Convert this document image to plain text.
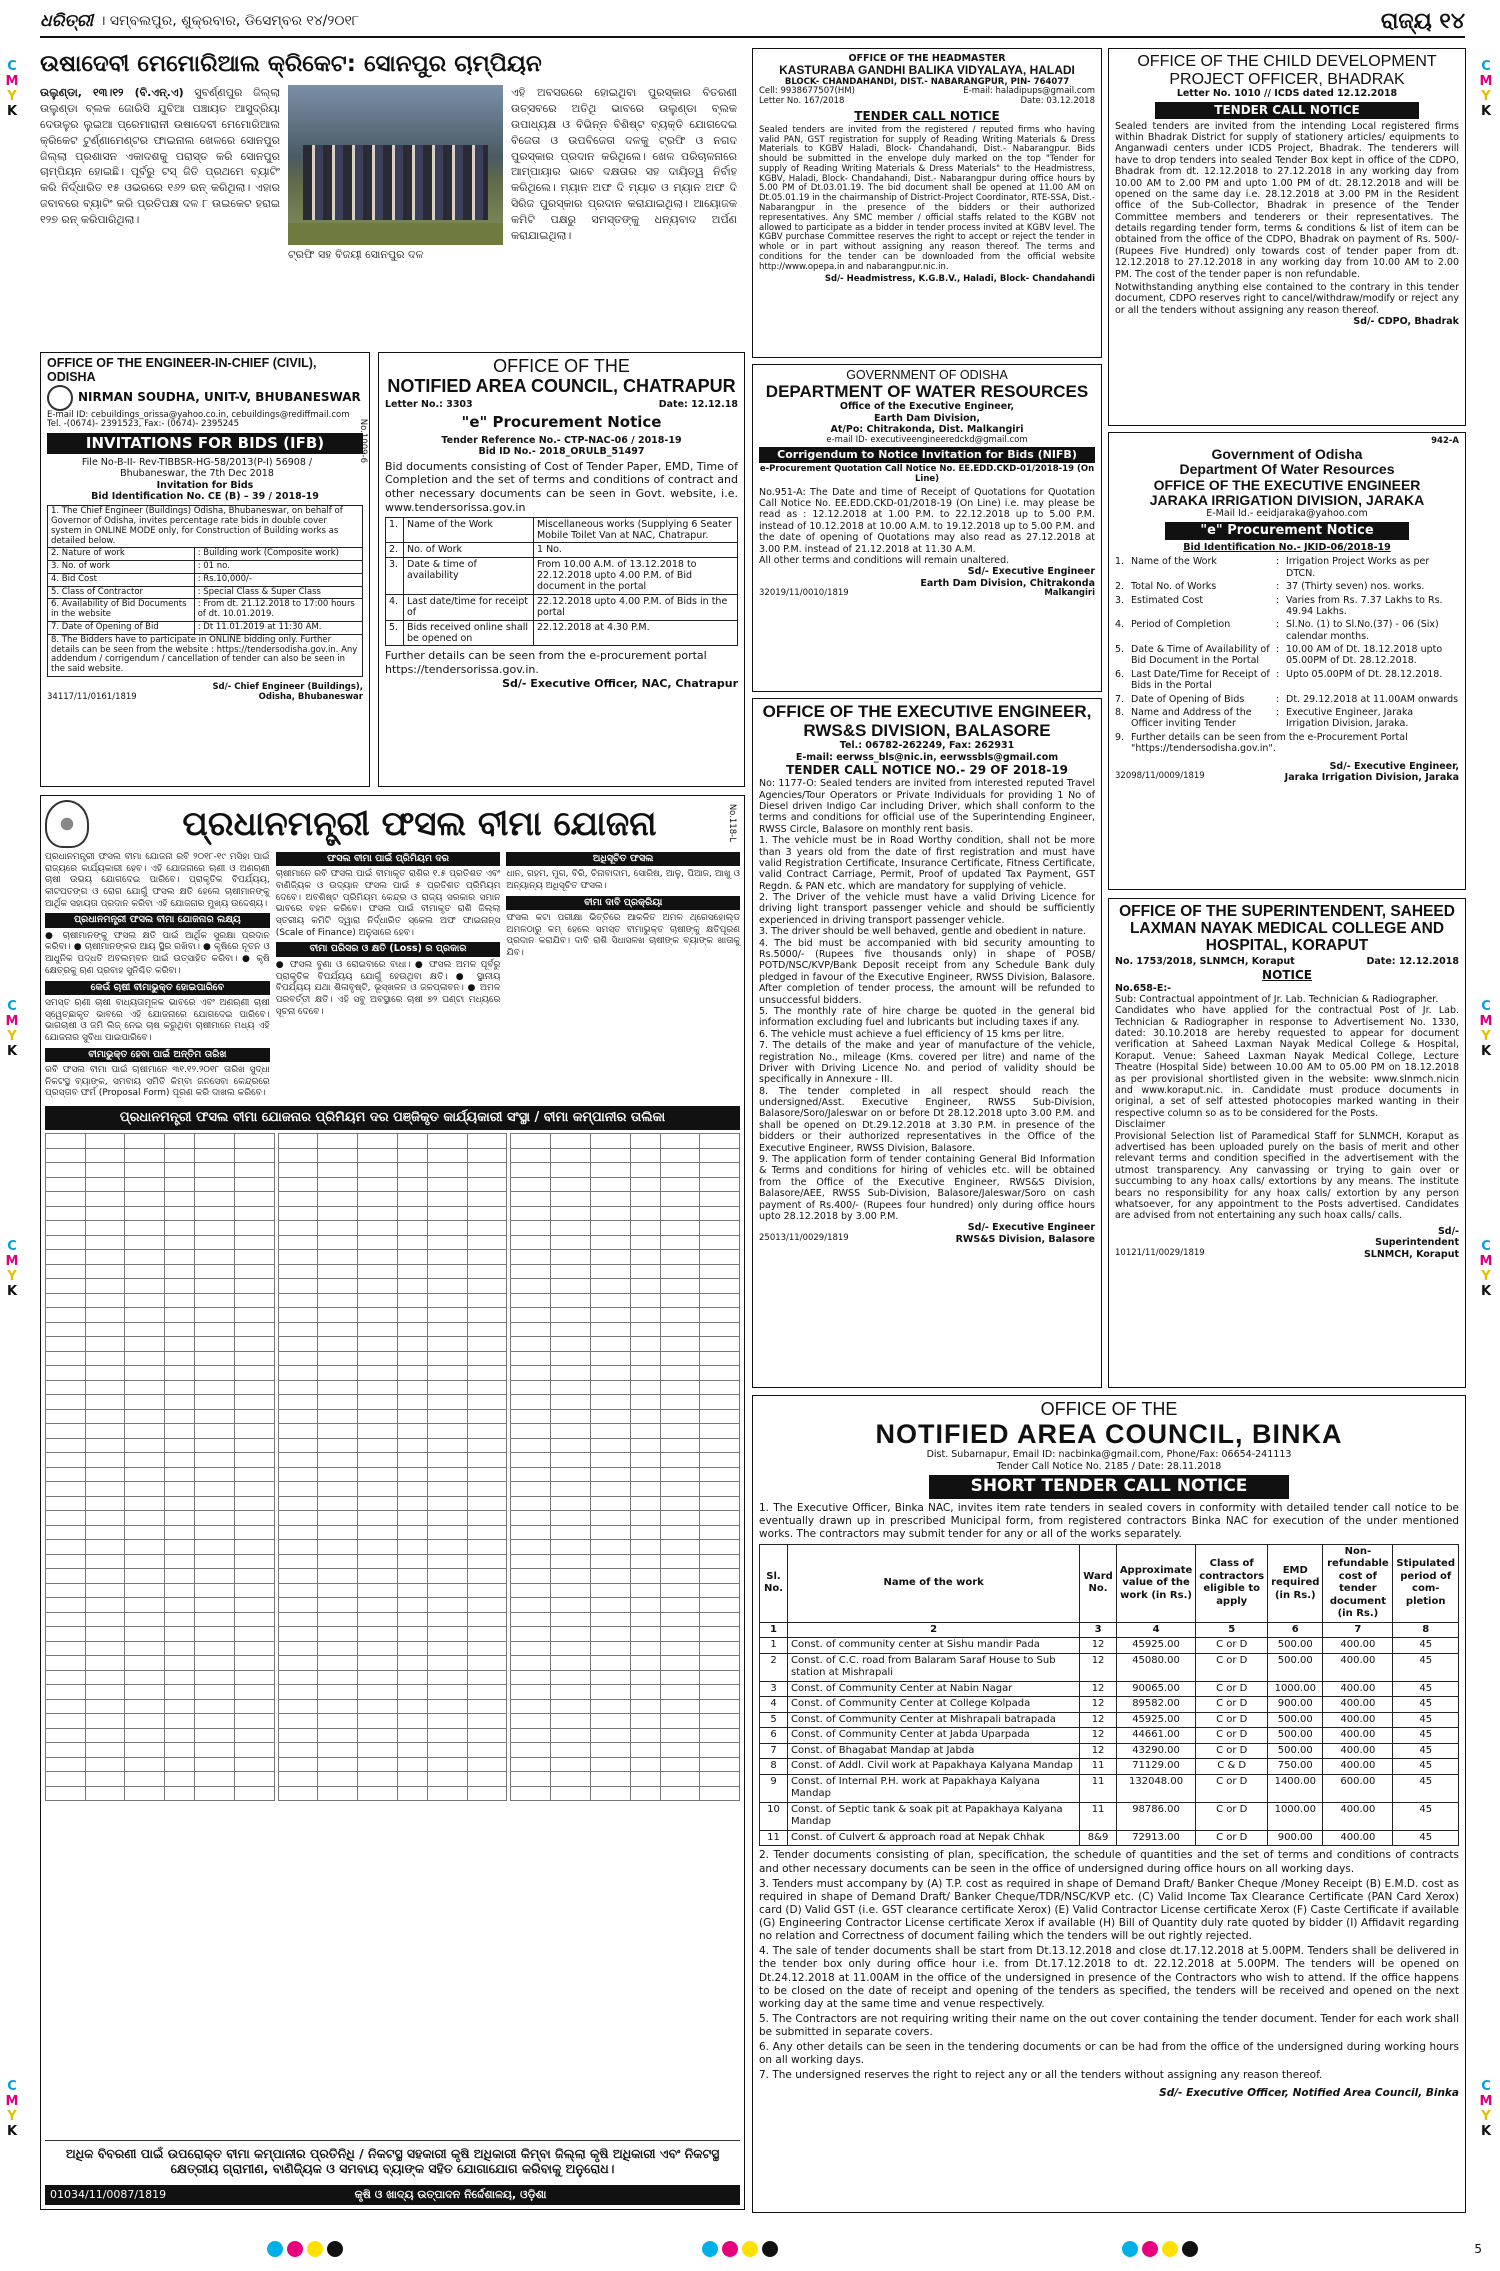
ଧରିତ୍ରୀ । ସମ୍ବଲପୁର, ଶୁକ୍ରବାର, ଡିସେମ୍ବର ୧୪/୨୦୧୮	ରାଜ୍ୟ ୧୪
C
M
Y
K
C
M
Y
K
C
M
Y
K
C
M
Y
K
C
M
Y
K
C
M
Y
K
C
M
Y
K
C
M
Y
K
ଉଷାଦେବୀ ମେମୋରିଆଲ କ୍ରିକେଟ: ସୋନପୁର ଚାମ୍ପିୟନ
ଉଲୁଣ୍ଡା, ୧୩।୧୨ (ବି.ଏନ୍.ଏ) ସୁବର୍ଣ୍ଣପୁର ଜିଲ୍ଲା ଉଲୁଣ୍ଡା ବ୍ଲକ ଜୋରିସି ଯୁବିଆ ପଞ୍ଚାୟତ ଆସୁଦ୍ରିୟା ଦେଉଳୁର ଲୁଇଆ ପ୍ରେମାରାନୀ ଉଷାଦେବୀ ମେମୋରିଆଲ କ୍ରିକେଟ ଟୁର୍ଣ୍ଣାମେଣ୍ଟର ଫାଇନାଲ ଖେଳରେ ସୋନପୁର ଜିଲ୍ଲା ପ୍ରଶାସନ ଏକାଦଶକୁ ପରାସ୍ତ କରି ସୋନପୁର ଚାମ୍ପିୟନ ହୋଇଛି। ପୂର୍ବରୁ ଟସ୍ ଜିତି ପ୍ରଥମେ ବ୍ୟାଟିଂ କରି ନିର୍ଦ୍ଧାରିତ ୧୫ ଓଭରରେ ୧୬୨ ରନ୍ କରିଥିଲା। ଏହାର ଜବାବରେ ବ୍ୟାଟିଂ କରି ପ୍ରତିପକ୍ଷ ଦଳ ୮ ଉଇକେଟ ହରାଇ ୧୨୭ ରନ୍ କରିପାରିଥିଲା।
ଟ୍ରଫି ସହ ବିଜୟୀ ସୋନପୁର ଦଳ
ଏହି ଅବସରରେ ହୋଇଥିବା ପୁରସ୍କାର ବିତରଣୀ ଉତ୍ସବରେ ଅତିଥି ଭାବରେ ଉଲୁଣ୍ଡା ବ୍ଲକ ଉପାଧ୍ୟକ୍ଷ ଓ ବିଭିନ୍ନ ବିଶିଷ୍ଟ ବ୍ୟକ୍ତି ଯୋଗଦେଇ ବିଜେତା ଓ ଉପବିଜେତା ଦଳକୁ ଟ୍ରଫି ଓ ନଗଦ ପୁରସ୍କାର ପ୍ରଦାନ କରିଥିଲେ। ଖେଳ ପରିଚାଳନାରେ ଆମ୍ପାୟାର ଭାବେ ଦକ୍ଷତାର ସହ ଦାୟିତ୍ୱ ନିର୍ବାହ କରିଥିଲେ। ମ୍ୟାନ ଅଫ ଦି ମ୍ୟାଚ ଓ ମ୍ୟାନ ଅଫ ଦି ସିରିଜ ପୁରସ୍କାର ପ୍ରଦାନ କରାଯାଇଥିଲା। ଆୟୋଜକ କମିଟି ପକ୍ଷରୁ ସମସ୍ତଙ୍କୁ ଧନ୍ୟବାଦ ଅର୍ପଣ କରାଯାଇଥିଲା।
OFFICE OF THE HEADMASTER
KASTURABA GANDHI BALIKA VIDYALAYA, HALADI
BLOCK- CHANDAHANDI, DIST.- NABARANGPUR, PIN- 764077
Cell: 9938677507(HM)	E-mail: haladipups@gmail.com
Letter No. 167/2018	Date: 03.12.2018
TENDER CALL NOTICE
Sealed tenders are invited from the registered / reputed firms who having valid PAN, GST registration for supply of Reading Writing Materials & Dress Materials to KGBV Haladi, Block- Chandahandi, Dist.- Nabarangpur. Bids should be submitted in the envelope duly marked on the top "Tender for supply of Reading Writing Materials & Dress Materials" to the Headmistress, KGBV, Haladi, Block- Chandahandi, Dist.- Nabarangpur during office hours by 5.00 PM of Dt.03.01.19. The bid document shall be opened at 11.00 AM on Dt.05.01.19 in the chairmanship of District-Project Coordinator, RTE-SSA, Dist.- Nabarangpur in the presence of the bidders or their authorized representatives. Any SMC member / official staffs related to the KGBV not allowed to participate as a bidder in tender process invited at KGBV level. The KGBV purchase Committee reserves the right to accept or reject the tender in whole or in part without assigning any reason thereof. The terms and conditions for the tender can be downloaded from the official website http://www.opepa.in and nabarangpur.nic.in.
Sd/- Headmistress, K.G.B.V., Haladi, Block- Chandahandi
OFFICE OF THE CHILD DEVELOPMENT PROJECT OFFICER, BHADRAK
Letter No. 1010 // ICDS dated 12.12.2018
TENDER CALL NOTICE
Sealed tenders are invited from the intending Local registered firms within Bhadrak District for supply of stationery articles/ equipments to Anganwadi centers under ICDS Project, Bhadrak. The tenderers will have to drop tenders into sealed Tender Box kept in office of the CDPO, Bhadrak from dt. 12.12.2018 to 27.12.2018 in any working day from 10.00 AM to 2.00 PM and upto 1.00 PM of dt. 28.12.2018 and will be opened on the same day i.e. 28.12.2018 at 3.00 PM in the Resident office of the Sub-Collector, Bhadrak in presence of the Tender Committee members and tenderers or their representatives. The details regarding tender form, terms & conditions & list of item can be obtained from the office of the CDPO, Bhadrak on payment of Rs. 500/- (Rupees Five Hundred) only towards cost of tender paper from dt. 12.12.2018 to 27.12.2018 in any working day from 10.00 AM to 2.00 PM. The cost of the tender paper is non refundable.
Notwithstanding anything else contained to the contrary in this tender document, CDPO reserves right to cancel/withdraw/modify or reject any or all the tenders without assigning any reason thereof.
Sd/- CDPO, Bhadrak
OFFICE OF THE ENGINEER-IN-CHIEF (CIVIL), ODISHA
NIRMAN SOUDHA, UNIT-V, BHUBANESWAR
E-mail ID: cebuildings_orissa@yahoo.co.in, cebuildings@rediffmail.com
Tel. -(0674)- 2391523, Fax:- (0674)- 2395245
INVITATIONS FOR BIDS (IFB)
File No-B-II- Rev-TIBBSR-HG-58/2013(P-I) 56908 / Bhubaneswar, the 7th Dec 2018
Invitation for Bids
Bid Identification No. CE (B) – 39 / 2018-19
No.1009-6
1. The Chief Engineer (Buildings) Odisha, Bhubaneswar, on behalf of Governor of Odisha, invites percentage rate bids in double cover system in ONLINE MODE only, for Construction of Building works as detailed below.	
2. Nature of work	: Building work (Composite work)
3. No. of work	: 01 no.
4. Bid Cost	: Rs.10,000/-
5. Class of Contractor	: Special Class & Super Class
6. Availability of Bid Documents in the website	: From dt. 21.12.2018 to 17:00 hours of dt. 10.01.2019.
7. Date of Opening of Bid	: Dt 11.01.2019 at 11:30 AM.
8. The Bidders have to participate in ONLINE bidding only. Further details can be seen from the website : https://tendersodisha.gov.in. Any addendum / corrigendum / cancellation of tender can also be seen in the said website.	
Sd/- Chief Engineer (Buildings),
34117/11/0161/1819	Odisha, Bhubaneswar
OFFICE OF THE
NOTIFIED AREA COUNCIL, CHATRAPUR
Letter No.: 3303	Date: 12.12.18
"e" Procurement Notice
Tender Reference No.- CTP-NAC-06 / 2018-19
Bid ID No.- 2018_ORULB_51497
Bid documents consisting of Cost of Tender Paper, EMD, Time of Completion and the set of terms and conditions of contract and other necessary documents can be seen in Govt. website, i.e. www.tendersorissa.gov.in
1.	Name of the Work	Miscellaneous works (Supplying 6 Seater Mobile Toilet Van at NAC, Chatrapur.
2.	No. of Work	1 No.
3.	Date & time of availability	From 10.00 A.M. of 13.12.2018 to 22.12.2018 upto 4.00 P.M. of Bid document in the portal
4.	Last date/time for receipt of	22.12.2018 upto 4.00 P.M. of Bids in the portal
5.	Bids received online shall be opened on	22.12.2018 at 4.30 P.M.
Further details can be seen from the e-procurement portal https://tendersorissa.gov.in.
Sd/- Executive Officer, NAC, Chatrapur
GOVERNMENT OF ODISHA
DEPARTMENT OF WATER RESOURCES
Office of the Executive Engineer,
Earth Dam Division,
At/Po: Chitrakonda, Dist. Malkangiri
e-mail ID- executiveengineeredckd@gmail.com
Corrigendum to Notice Invitation for Bids (NIFB)
e-Procurement Quotation Call Notice No. EE.EDD.CKD-01/2018-19 (On Line)
No.951-A: The Date and time of Receipt of Quotations for Quotation Call Notice No. EE.EDD.CKD-01/2018-19 (On Line) i.e. may please be read as : 12.12.2018 at 1.00 P.M. to 22.12.2018 up to 5.00 P.M. instead of 10.12.2018 at 10.00 A.M. to 19.12.2018 up to 5.00 P.M. and the date of opening of Quotations may also read as 27.12.2018 at 3.00 P.M. instead of 21.12.2018 at 11.30 A.M.
All other terms and conditions will remain unaltered.
Sd/- Executive Engineer
Earth Dam Division, Chitrakonda
32019/11/0010/1819	Malkangiri
942-A
Government of Odisha
Department Of Water Resources
OFFICE OF THE EXECUTIVE ENGINEER
JARAKA IRRIGATION DIVISION, JARAKA
E-Mail Id.- eeidjaraka@yahoo.com
"e" Procurement Notice
Bid Identification No.- JKID-06/2018-19
1. Name of the Work	: Irrigation Project Works as per DTCN.
2. Total No. of Works	: 37 (Thirty seven) nos. works.
3. Estimated Cost	: Varies from Rs. 7.37 Lakhs to Rs. 49.94 Lakhs.
4. Period of Completion	: Sl.No. (1) to Sl.No.(37) - 06 (Six) calendar months.
5. Date & Time of Availability of Bid Document in the Portal
: 10.00 AM of Dt. 18.12.2018 upto 05.00PM of Dt. 28.12.2018.
6. Last Date/Time for Receipt of Bids in the Portal
: Upto 05.00PM of Dt. 28.12.2018.
7. Date of Opening of Bids	: Dt. 29.12.2018 at 11.00AM onwards
8. Name and Address of the Officer inviting Tender
: Executive Engineer, Jaraka Irrigation Division, Jaraka.
9. Further details can be seen from the e-Procurement Portal "https://tendersodisha.gov.in".
Sd/- Executive Engineer,
32098/11/0009/1819	Jaraka Irrigation Division, Jaraka
OFFICE OF THE EXECUTIVE ENGINEER, RWS&S DIVISION, BALASORE
Tel.: 06782-262249, Fax: 262931
E-mail: eerwss_bls@nic.in, eerwssbls@gmail.com
TENDER CALL NOTICE NO.- 29 OF 2018-19
No: 1177-O: Sealed tenders are invited from interested reputed Travel Agencies/Tour Operators or Private Individuals for providing 1 No of Diesel driven Indigo Car including Driver, which shall conform to the terms and conditions for official use of the Superintending Engineer, RWSS Circle, Balasore on monthly rent basis.
1. The vehicle must be in Road Worthy condition, shall not be more than 3 years old from the date of first registration and must have valid Registration Certificate, Insurance Certificate, Fitness Certificate, valid Contract Carriage, Permit, Proof of updated Tax Payment, GST Regdn. & PAN etc. which are mandatory for supplying of vehicle.
2. The Driver of the vehicle must have a valid Driving Licence for driving light transport passenger vehicle and should be sufficiently experienced in driving transport passenger vehicle.
3. The driver should be well behaved, gentle and obedient in nature.
4. The bid must be accompanied with bid security amounting to Rs.5000/- (Rupees five thousands only) in shape of POSB/ POTD/NSC/KVP/Bank Deposit receipt from any Schedule Bank duly pledged in favour of the Executive Engineer, RWSS Division, Balasore. After completion of tender process, the amount will be refunded to unsuccessful bidders.
5. The monthly rate of hire charge be quoted in the general bid information excluding fuel and lubricants but including taxes if any.
6. The vehicle must achieve a fuel efficiency of 15 kms per litre.
7. The details of the make and year of manufacture of the vehicle, registration No., mileage (Kms. covered per litre) and name of the Driver with Driving Licence No. and period of validity should be specifically in Annexure - III.
8. The tender completed in all respect should reach the undersigned/Asst. Executive Engineer, RWSS Sub-Division, Balasore/Soro/Jaleswar on or before Dt 28.12.2018 upto 3.00 P.M. and shall be opened on Dt.29.12.2018 at 3.30 P.M. in presence of the bidders or their authorized representatives in the Office of the Executive Engineer, RWSS Division, Balasore.
9. The application form of tender containing General Bid Information & Terms and conditions for hiring of vehicles etc. will be obtained from the Office of the Executive Engineer, RWS&S Division, Balasore/AEE, RWSS Sub-Division, Balasore/Jaleswar/Soro on cash payment of Rs.400/- (Rupees four hundred) only during office hours upto 28.12.2018 by 3.00 P.M.
Sd/- Executive Engineer
25013/11/0029/1819	RWS&S Division, Balasore
OFFICE OF THE SUPERINTENDENT, SAHEED LAXMAN NAYAK MEDICAL COLLEGE AND HOSPITAL, KORAPUT
No. 1753/2018, SLNMCH, Koraput	Date: 12.12.2018
NOTICE
No.658-E:-
Sub: Contractual appointment of Jr. Lab. Technician & Radiographer.
Candidates who have applied for the contractual Post of Jr. Lab. Technician & Radiographer in response to Advertisement No. 1330, dated: 30.10.2018 are hereby requested to appear for document verification at Saheed Laxman Nayak Medical College & Hospital, Koraput. Venue: Saheed Laxman Nayak Medical College, Lecture Theatre (Hospital Side) between 10.00 AM to 05.00 PM on 18.12.2018 as per provisional shortlisted given in the website: www.slnmch.nicin and www.koraput.nic. in. Candidate must produce documents in original, a set of self attested photocopies marked wanting in their respective column so as to be considered for the Posts.
Disclaimer
Provisional Selection list of Paramedical Staff for SLNMCH, Koraput as advertised has been uploaded purely on the basis of merit and other relevant terms and condition specified in the advertisement with the utmost transparency. Any canvassing or trying to gain over or succumbing to any hoax calls/ extortions by any means. The institute bears no responsibility for any hoax calls/ extortion by any person whatsoever, for any appointment to the Posts advertised. Candidates are advised from not entertaining any such hoax calls/ calls.
Sd/-
Superintendent
10121/11/0029/1819	SLNMCH, Koraput
ପ୍ରଧାନମନ୍ତ୍ରୀ ଫସଲ ବୀମା ଯୋଜନା	No.118-L
ପ୍ରଧାନମନ୍ତ୍ରୀ ଫସଲ ବୀମା ଯୋଜନା ରବି ୨୦୧୮-୧୯ ମସିହା ପାଇଁ ରାଜ୍ୟରେ କାର୍ଯ୍ୟକାରୀ ହେବ। ଏହି ଯୋଜନାରେ ଋଣୀ ଓ ଅଣଋଣୀ ଚାଷୀ ଉଭୟ ଯୋଗଦେଇ ପାରିବେ। ପ୍ରାକୃତିକ ବିପର୍ଯ୍ୟୟ, କୀଟପତଙ୍ଗ ଓ ରୋଗ ଯୋଗୁଁ ଫସଲ କ୍ଷତି ହେଲେ ଚାଷୀମାନଙ୍କୁ ଆର୍ଥିକ ସହାୟତା ପ୍ରଦାନ କରିବା ଏହି ଯୋଜନାର ମୁଖ୍ୟ ଉଦ୍ଦେଶ୍ୟ।
ପ୍ରଧାନମନ୍ତ୍ରୀ ଫସଲ ବୀମା ଯୋଜନାର ଲକ୍ଷ୍ୟ
● ଚାଷୀମାନଙ୍କୁ ଫସଲ କ୍ଷତି ପାଇଁ ଆର୍ଥିକ ସୁରକ୍ଷା ପ୍ରଦାନ କରିବା। ● ଚାଷୀମାନଙ୍କର ଆୟ ସ୍ଥିର ରଖିବା। ● କୃଷିରେ ନୂତନ ଓ ଆଧୁନିକ ପଦ୍ଧତି ଅବଲମ୍ବନ ପାଇଁ ଉତ୍ସାହିତ କରିବା। ● କୃଷି କ୍ଷେତ୍ରକୁ ଋଣ ପ୍ରବାହ ସୁନିଶ୍ଚିତ କରିବା।
କେଉଁ ଚାଷୀ ବୀମାଭୁକ୍ତ ହୋଇପାରିବେ
ସମସ୍ତ ଋଣୀ ଚାଷୀ ବାଧ୍ୟତାମୂଳକ ଭାବରେ ଏବଂ ଅଣଋଣୀ ଚାଷୀ ସ୍ୱେଚ୍ଛାକୃତ ଭାବରେ ଏହି ଯୋଜନାରେ ଯୋଗଦେଇ ପାରିବେ। ଭାଗଚାଷୀ ଓ ଜମି ଲିଜ୍ ନେଇ ଚାଷ କରୁଥିବା ଚାଷୀମାନେ ମଧ୍ୟ ଏହି ଯୋଜନାର ସୁବିଧା ପାଇପାରିବେ।
ବୀମାଭୁକ୍ତ ହେବା ପାଇଁ ଅନ୍ତିମ ତାରିଖ
ରବି ଫସଲ ବୀମା ପାଇଁ ଚାଷୀମାନେ ୩୧.୧୨.୨୦୧୮ ତାରିଖ ସୁଦ୍ଧା ନିକଟସ୍ଥ ବ୍ୟାଙ୍କ, ସମବାୟ ସମିତି କିମ୍ବା ଜନସେବା କେନ୍ଦ୍ରରେ ପ୍ରସ୍ତାବ ଫର୍ମ (Proposal Form) ପୂରଣ କରି ଦାଖଲ କରିବେ।
ଫସଲ ବୀମା ପାଇଁ ପ୍ରିମିୟମ ଦର
ଚାଷୀମାନେ ରବି ଫସଲ ପାଇଁ ବୀମାକୃତ ରାଶିର ୧.୫ ପ୍ରତିଶତ ଏବଂ ବାଣିଜ୍ୟିକ ଓ ଉଦ୍ୟାନ ଫସଲ ପାଇଁ ୫ ପ୍ରତିଶତ ପ୍ରିମିୟମ ଦେବେ। ଅବଶିଷ୍ଟ ପ୍ରିମିୟମ କେନ୍ଦ୍ର ଓ ରାଜ୍ୟ ସରକାର ସମାନ ଭାବରେ ବହନ କରିବେ। ଫସଲ ପାଇଁ ବୀମାକୃତ ରାଶି ଜିଲ୍ଲା ସ୍ତରୀୟ କମିଟି ଦ୍ୱାରା ନିର୍ଦ୍ଧାରିତ ସ୍କେଲ ଅଫ ଫାଇନାନ୍ସ (Scale of Finance) ଅନୁସାରେ ହେବ।
ବୀମା ପରିସର ଓ କ୍ଷତି (Loss) ର ପ୍ରକାର
● ଫସଲ ବୁଣା ଓ ରୋଇବାରେ ବାଧା। ● ଫସଲ ଅମଳ ପୂର୍ବରୁ ପ୍ରାକୃତିକ ବିପର୍ଯ୍ୟୟ ଯୋଗୁଁ ହେଉଥିବା କ୍ଷତି। ● ସ୍ଥାନୀୟ ବିପର୍ଯ୍ୟୟ ଯଥା ଶିଳାବୃଷ୍ଟି, ଭୂସ୍ଖଳନ ଓ ଜଳପ୍ଳାବନ। ● ଅମଳ ପରବର୍ତ୍ତୀ କ୍ଷତି। ଏହି ସବୁ ଅବସ୍ଥାରେ ଚାଷୀ ୭୨ ଘଣ୍ଟା ମଧ୍ୟରେ ସୂଚନା ଦେବେ।
ଅଧିସୂଚିତ ଫସଲ
ଧାନ, ଗହମ, ମୁଗ, ବିରି, ଚିନାବାଦାମ, ସୋରିଷ, ଆଳୁ, ପିଆଜ, ଆଖୁ ଓ ଅନ୍ୟାନ୍ୟ ଅଧିସୂଚିତ ଫସଲ।
ବୀମା ଦାବି ପ୍ରକ୍ରିୟା
ଫସଲ କଟା ପରୀକ୍ଷା ଭିତ୍ତିରେ ଆକଳିତ ଅମଳ ଥ୍ରେସହୋଲ୍ଡ ଅମଳଠାରୁ କମ୍ ହେଲେ ସମସ୍ତ ବୀମାଭୁକ୍ତ ଚାଷୀଙ୍କୁ କ୍ଷତିପୂରଣ ପ୍ରଦାନ କରାଯିବ। ଦାବି ରାଶି ସିଧାସଳଖ ଚାଷୀଙ୍କ ବ୍ୟାଙ୍କ ଖାତାକୁ ଯିବ।
ପ୍ରଧାନମନ୍ତ୍ରୀ ଫସଲ ବୀମା ଯୋଜନାର ପ୍ରିମିୟମ ଦର ପଞ୍ଜିକୃତ କାର୍ଯ୍ୟକାରୀ ସଂସ୍ଥା / ବୀମା କମ୍ପାନୀର ତାଲିକା

ଅଧିକ ବିବରଣୀ ପାଇଁ ଉପରୋକ୍ତ ବୀମା କମ୍ପାନୀର ପ୍ରତିନିଧି / ନିକଟସ୍ଥ ସହକାରୀ କୃଷି ଅଧିକାରୀ କିମ୍ବା ଜିଲ୍ଲା କୃଷି ଅଧିକାରୀ ଏବଂ ନିକଟସ୍ଥ କ୍ଷେତ୍ରୀୟ ଗ୍ରାମୀଣ, ବାଣିଜ୍ୟିକ ଓ ସମବାୟ ବ୍ୟାଙ୍କ ସହିତ ଯୋଗାଯୋଗ କରିବାକୁ ଅନୁରୋଧ।
01034/11/0087/1819	କୃଷି ଓ ଖାଦ୍ୟ ଉତ୍ପାଦନ ନିର୍ଦ୍ଦେଶାଳୟ, ଓଡ଼ିଶା
OFFICE OF THE
NOTIFIED AREA COUNCIL, BINKA
Dist. Subarnapur, Email ID: nacbinka@gmail.com, Phone/Fax: 06654-241113
Tender Call Notice No. 2185 / Date: 28.11.2018
SHORT TENDER CALL NOTICE
1. The Executive Officer, Binka NAC, invites item rate tenders in sealed covers in conformity with detailed tender call notice to be eventually drawn up in prescribed Municipal form, from registered contractors Binka NAC for execution of the under mentioned works. The contractors may submit tender for any or all of the works separately.
Sl. No.	Name of the work	Ward No.	Approximate value of the work (in Rs.)	Class of contractors eligible to apply	EMD required (in Rs.)	Non-refundable cost of tender document (in Rs.)	Stipulated period of com-pletion
1	2	3	4	5	6	7	8
1	Const. of community center at Sishu mandir Pada	12	45925.00	C or D	500.00	400.00	45
2	Const. of C.C. road from Balaram Saraf House to Sub station at Mishrapali	12	45080.00	C or D	500.00	400.00	45
3	Const. of Community Center at Nabin Nagar	12	90065.00	C or D	1000.00	400.00	45
4	Const. of Community Center at College Kolpada	12	89582.00	C or D	900.00	400.00	45
5	Const. of Community Center at Mishrapali batrapada	12	45925.00	C or D	500.00	400.00	45
6	Const. of Community Center at Jabda Uparpada	12	44661.00	C or D	500.00	400.00	45
7	Const. of Bhagabat Mandap at Jabda	12	43290.00	C or D	500.00	400.00	45
8	Const. of Addl. Civil work at Papakhaya Kalyana Mandap	11	71129.00	C & D	750.00	400.00	45
9	Const. of Internal P.H. work at Papakhaya Kalyana Mandap	11	132048.00	C or D	1400.00	600.00	45
10	Const. of Septic tank & soak pit at Papakhaya Kalyana Mandap	11	98786.00	C or D	1000.00	400.00	45
11	Const. of Culvert & approach road at Nepak Chhak	8&9	72913.00	C or D	900.00	400.00	45
2. Tender documents consisting of plan, specification, the schedule of quantities and the set of terms and conditions of contracts and other necessary documents can be seen in the office of undersigned during office hours on all working days.
3. Tenders must accompany by (A) T.P. cost as required in shape of Demand Draft/ Banker Cheque /Money Receipt (B) E.M.D. cost as required in shape of Demand Draft/ Banker Cheque/TDR/NSC/KVP etc. (C) Valid Income Tax Clearance Certificate (PAN Card Xerox) card (D) Valid GST (i.e. GST clearance certificate Xerox) (E) Valid Contractor License certificate Xerox (F) Caste Certificate if available (G) Engineering Contractor License certificate Xerox if available (H) Bill of Quantity duly rate quoted by bidder (I) Affidavit regarding no relation and Correctness of document failing which the tenders will be out rightly rejected.
4. The sale of tender documents shall be start from Dt.13.12.2018 and close dt.17.12.2018 at 5.00PM. Tenders shall be delivered in the tender box only during office hour i.e. from Dt.17.12.2018 to dt. 22.12.2018 at 5.00PM. The tenders will be opened on Dt.24.12.2018 at 11.00AM in the office of the undersigned in presence of the Contractors who wish to attend. If the office happens to be closed on the date of receipt and opening of the tenders as specified, the tenders will be received and opened on the next working day at the same time and venue respectively.
5. The Contractors are not requiring writing their name on the out cover containing the tender document. Tender for each work shall be submitted in separate covers.
6. Any other details can be seen in the tendering documents or can be had from the office of the undersigned during working hours on all working days.
7. The undersigned reserves the right to reject any or all the tenders without assigning any reason thereof.
Sd/- Executive Officer, Notified Area Council, Binka
5
